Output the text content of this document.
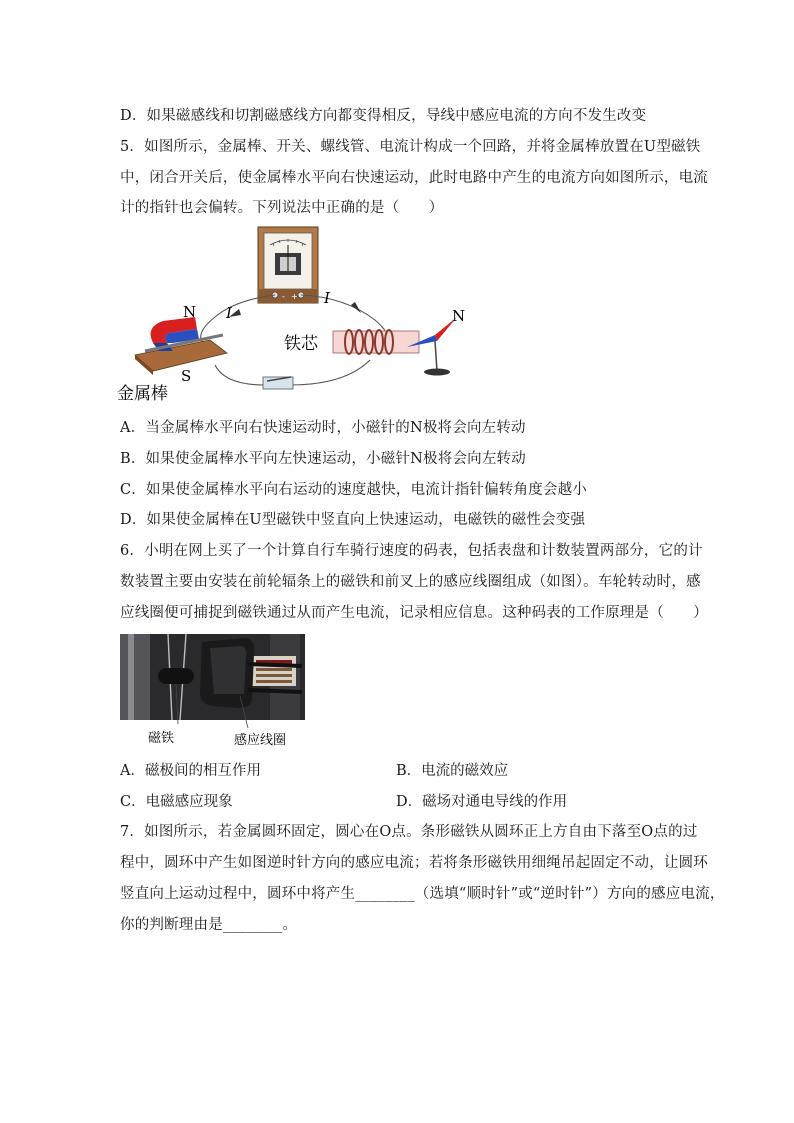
D．如果磁感线和切割磁感线方向都变得相反，导线中感应电流的方向不发生改变
5．如图所示，金属棒、开关、螺线管、电流计构成一个回路，并将金属棒放置在U型磁铁
中，闭合开关后，使金属棒水平向右快速运动，此时电路中产生的电流方向如图所示，电流
计的指针也会偏转。下列说法中正确的是（　　）
- +
I
I
N
S
金属棒
铁芯
N
A．当金属棒水平向右快速运动时，小磁针的N极将会向左转动
B．如果使金属棒水平向左快速运动，小磁针N极将会向左转动
C．如果使金属棒水平向右运动的速度越快，电流计指针偏转角度会越小
D．如果使金属棒在U型磁铁中竖直向上快速运动，电磁铁的磁性会变强
6．小明在网上买了一个计算自行车骑行速度的码表，包括表盘和计数装置两部分，它的计
数装置主要由安装在前轮辐条上的磁铁和前叉上的感应线圈组成（如图）。车轮转动时，感
应线圈便可捕捉到磁铁通过从而产生电流，记录相应信息。这种码表的工作原理是（　　）
磁铁	感应线圈
A．磁极间的相互作用	B．电流的磁效应
C．电磁感应现象	D．磁场对通电导线的作用
7．如图所示，若金属圆环固定，圆心在O点。条形磁铁从圆环正上方自由下落至O点的过
程中，圆环中产生如图逆时针方向的感应电流；若将条形磁铁用细绳吊起固定不动，让圆环
竖直向上运动过程中，圆环中将产生________（选填“顺时针”或“逆时针”）方向的感应电流，
你的判断理由是________。
